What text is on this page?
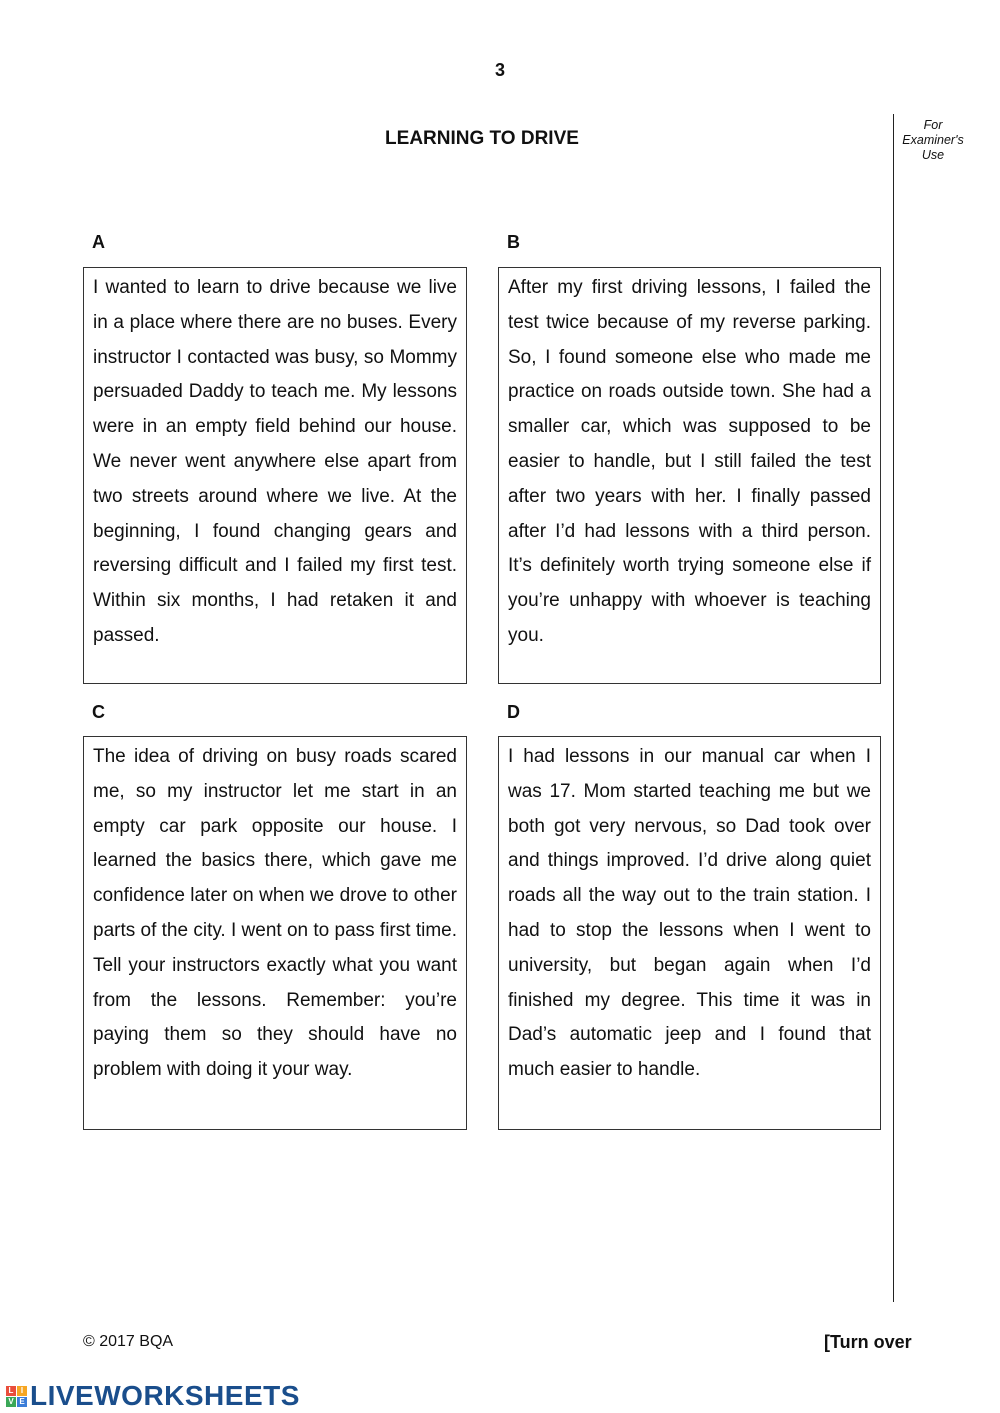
3
LEARNING TO DRIVE
For Examiner's Use
A
I wanted to learn to drive because we live in a place where there are no buses. Every instructor I contacted was busy, so Mommy persuaded Daddy to teach me. My lessons were in an empty field behind our house. We never went anywhere else apart from two streets around where we live. At the beginning, I found changing gears and reversing difficult and I failed my first test. Within six months, I had retaken it and passed.
B
After my first driving lessons, I failed the test twice because of my reverse parking. So, I found someone else who made me practice on roads outside town. She had a smaller car, which was supposed to be easier to handle, but I still failed the test after two years with her. I finally passed after I’d had lessons with a third person. It’s definitely worth trying someone else if you’re unhappy with whoever is teaching you.
C
The idea of driving on busy roads scared me, so my instructor let me start in an empty car park opposite our house. I learned the basics there, which gave me confidence later on when we drove to other parts of the city. I went on to pass first time. Tell your instructors exactly what you want from the lessons. Remember: you’re paying them so they should have no problem with doing it your way.
D
I had lessons in our manual car when I was 17. Mom started teaching me but we both got very nervous, so Dad took over and things improved. I’d drive along quiet roads all the way out to the train station. I had to stop the lessons when I went to university, but began again when I’d finished my degree. This time it was in Dad’s automatic jeep and I found that much easier to handle.
© 2017 BQA	[Turn over
L I
V E LIVEWORKSHEETS
